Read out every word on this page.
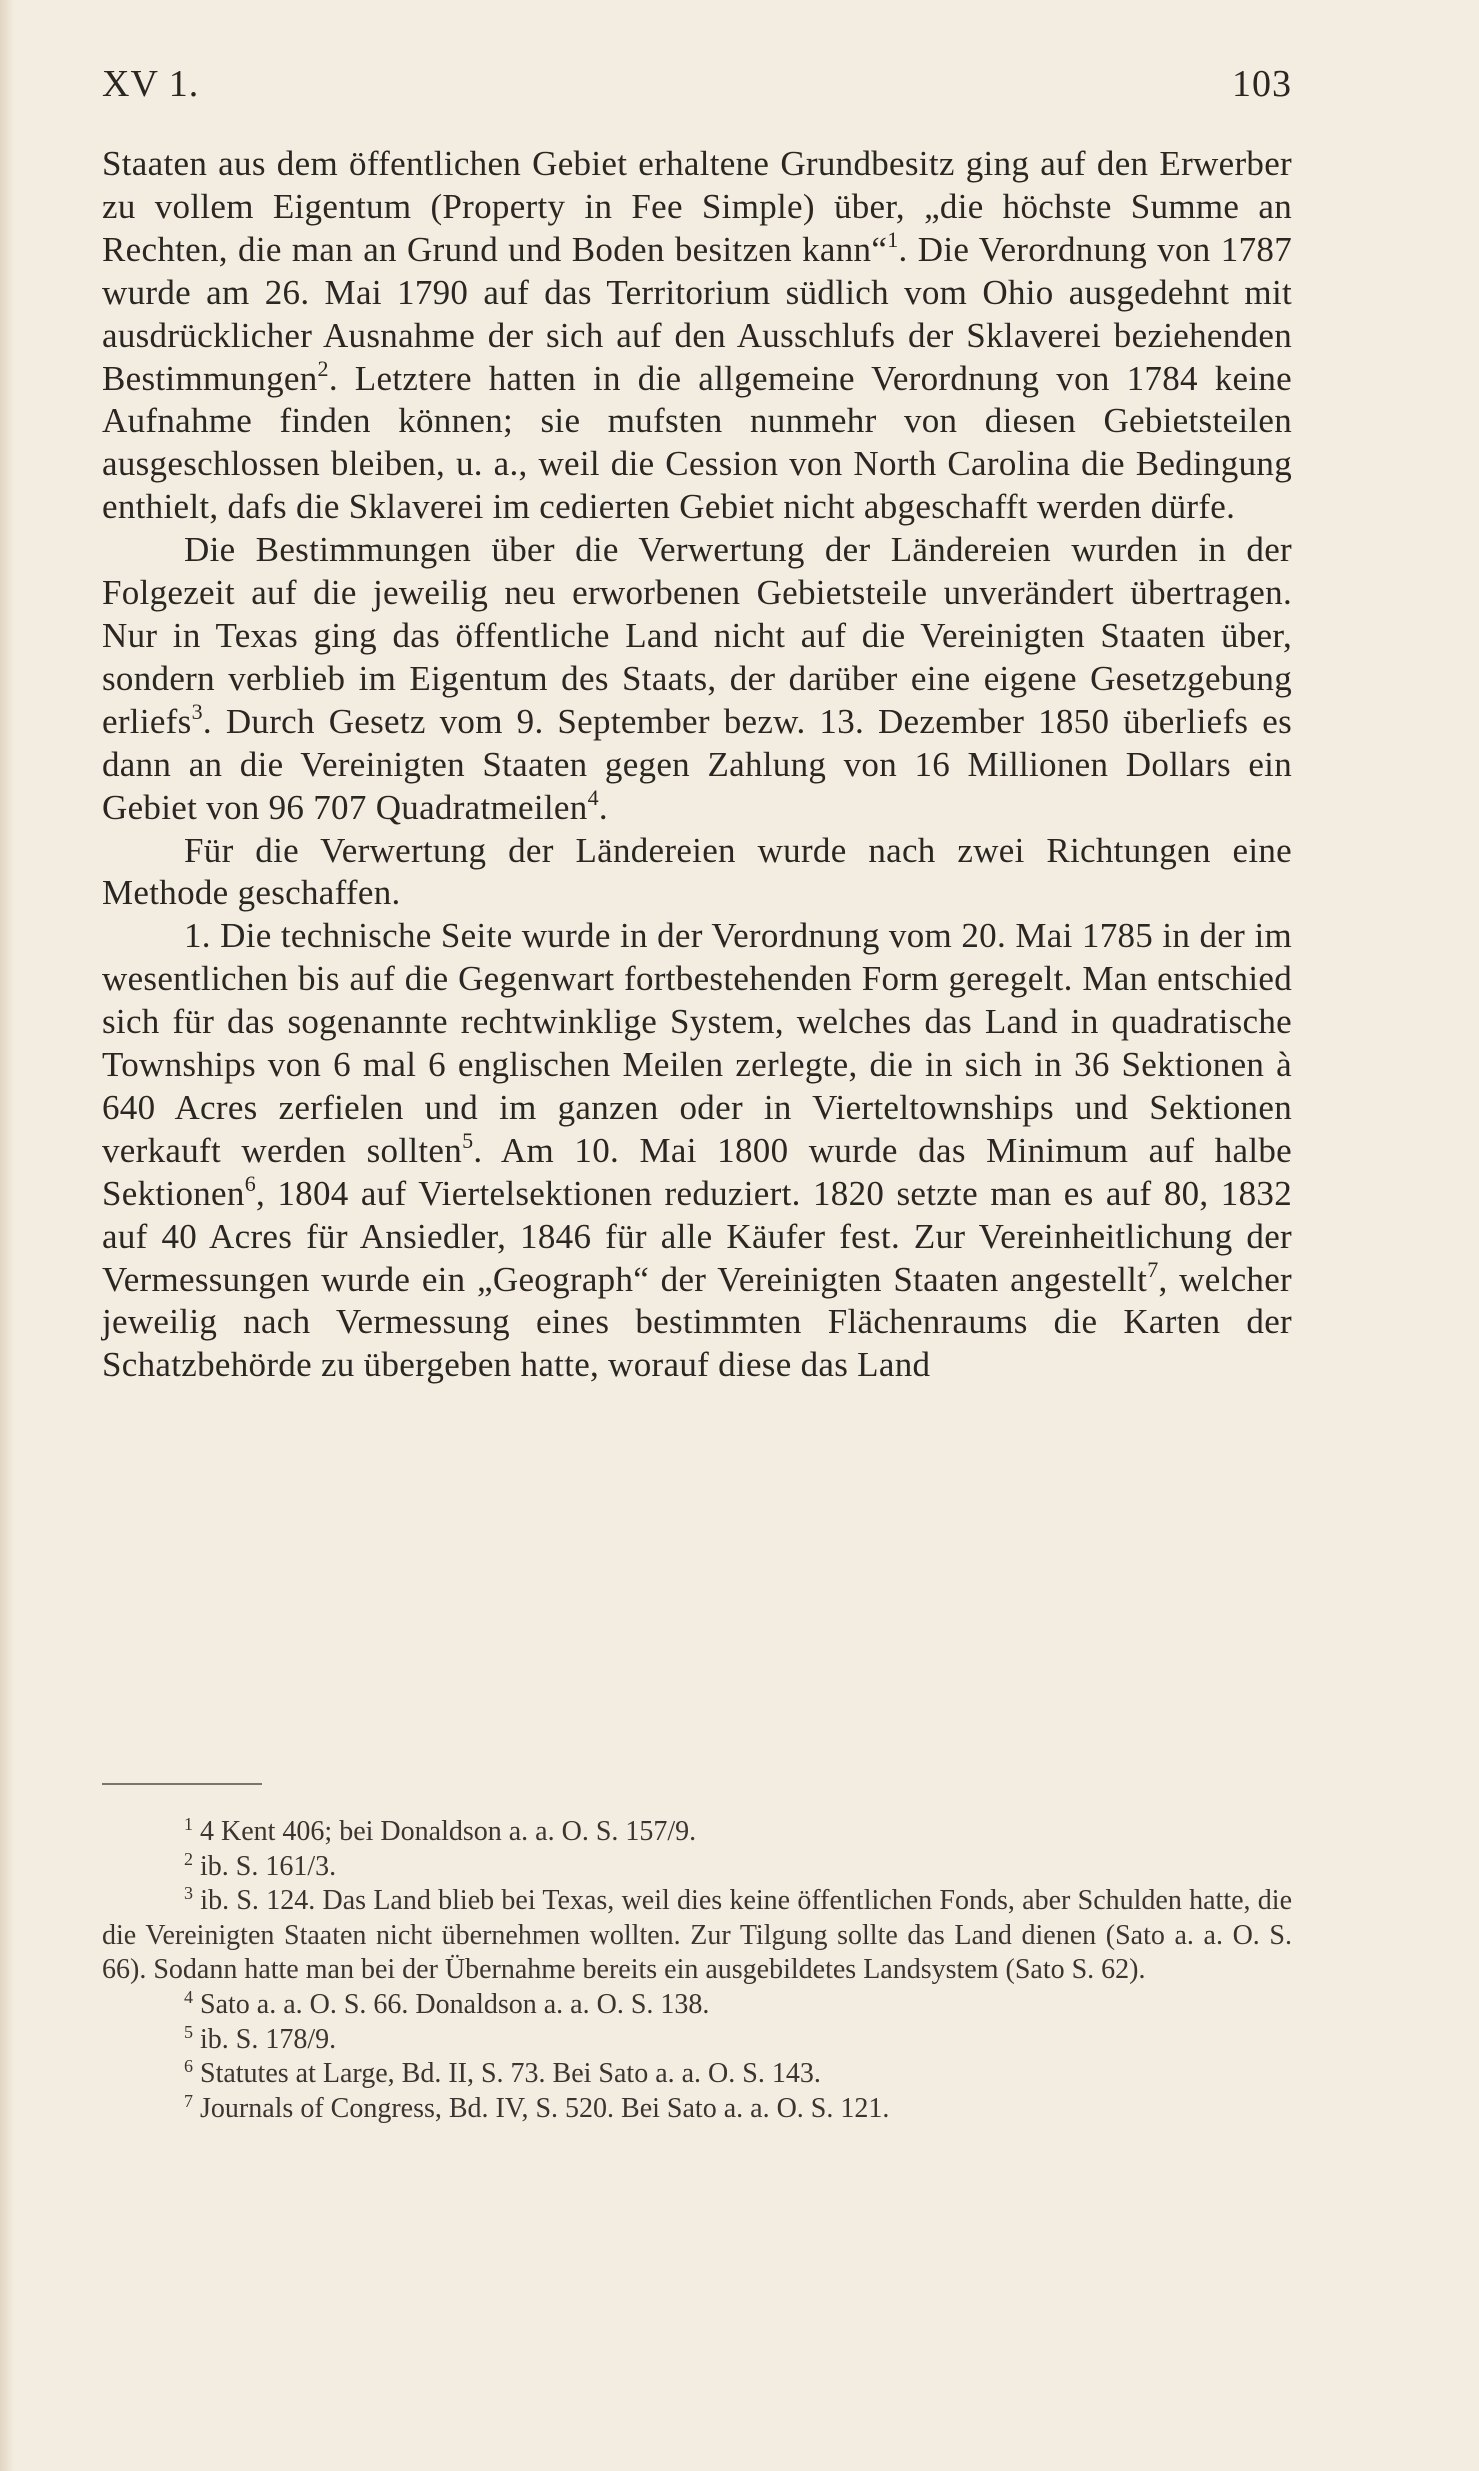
XV 1.	103

Staaten aus dem öffentlichen Gebiet erhaltene Grundbesitz ging auf den Erwerber zu vollem Eigentum (Property in Fee Simple) über, „die höchste Summe an Rechten, die man an Grund und Boden besitzen kann“$^1$. Die Verordnung von 1787 wurde am 26. Mai 1790 auf das Territorium südlich vom Ohio ausgedehnt mit ausdrücklicher Ausnahme der sich auf den Ausschlufs der Sklaverei beziehenden Bestimmungen$^2$. Letztere hatten in die allgemeine Verordnung von 1784 keine Aufnahme finden können; sie mufsten nunmehr von diesen Gebietsteilen ausgeschlossen bleiben, u. a., weil die Cession von North Carolina die Bedingung enthielt, dafs die Sklaverei im cedierten Gebiet nicht abgeschafft werden dürfe.

Die Bestimmungen über die Verwertung der Ländereien wurden in der Folgezeit auf die jeweilig neu erworbenen Gebietsteile unverändert übertragen. Nur in Texas ging das öffentliche Land nicht auf die Vereinigten Staaten über, sondern verblieb im Eigentum des Staats, der darüber eine eigene Gesetzgebung erliefs$^3$. Durch Gesetz vom 9. September bezw. 13. Dezember 1850 überliefs es dann an die Vereinigten Staaten gegen Zahlung von 16 Millionen Dollars ein Gebiet von 96 707 Quadratmeilen$^4$.

Für die Verwertung der Ländereien wurde nach zwei Richtungen eine Methode geschaffen.

1. Die technische Seite wurde in der Verordnung vom 20. Mai 1785 in der im wesentlichen bis auf die Gegenwart fortbestehenden Form geregelt. Man entschied sich für das sogenannte rechtwinklige System, welches das Land in quadratische Townships von 6 mal 6 englischen Meilen zerlegte, die in sich in 36 Sektionen à 640 Acres zerfielen und im ganzen oder in Vierteltownships und Sektionen verkauft werden sollten$^5$. Am 10. Mai 1800 wurde das Minimum auf halbe Sektionen$^6$, 1804 auf Viertelsektionen reduziert. 1820 setzte man es auf 80, 1832 auf 40 Acres für Ansiedler, 1846 für alle Käufer fest. Zur Vereinheitlichung der Vermessungen wurde ein „Geograph“ der Vereinigten Staaten angestellt$^7$, welcher jeweilig nach Vermessung eines bestimmten Flächenraums die Karten der Schatzbehörde zu übergeben hatte, worauf diese das Land

$^1$ 4 Kent 406; bei Donaldson a. a. O. S. 157/9.

$^2$ ib. S. 161/3.

$^3$ ib. S. 124. Das Land blieb bei Texas, weil dies keine öffentlichen Fonds, aber Schulden hatte, die die Vereinigten Staaten nicht übernehmen wollten. Zur Tilgung sollte das Land dienen (Sato a. a. O. S. 66). Sodann hatte man bei der Übernahme bereits ein ausgebildetes Landsystem (Sato S. 62).

$^4$ Sato a. a. O. S. 66. Donaldson a. a. O. S. 138.

$^5$ ib. S. 178/9.

$^6$ Statutes at Large, Bd. II, S. 73. Bei Sato a. a. O. S. 143.

$^7$ Journals of Congress, Bd. IV, S. 520. Bei Sato a. a. O. S. 121.
